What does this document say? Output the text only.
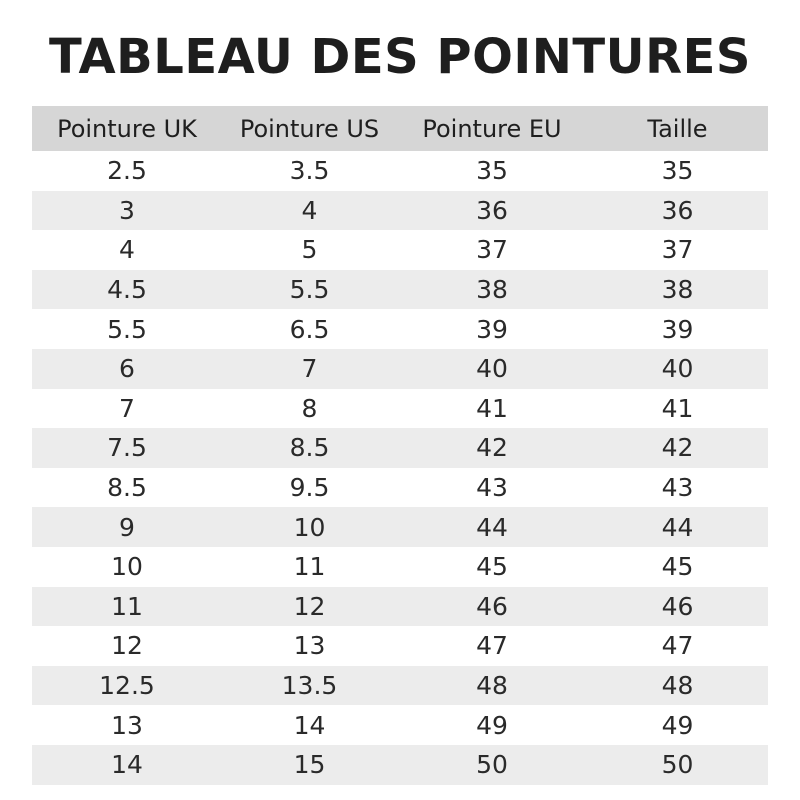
TABLEAU DES POINTURES
Pointure UK	Pointure US	Pointure EU	Taille
2.5	3.5	35	35
3	4	36	36
4	5	37	37
4.5	5.5	38	38
5.5	6.5	39	39
6	7	40	40
7	8	41	41
7.5	8.5	42	42
8.5	9.5	43	43
9	10	44	44
10	11	45	45
11	12	46	46
12	13	47	47
12.5	13.5	48	48
13	14	49	49
14	15	50	50
